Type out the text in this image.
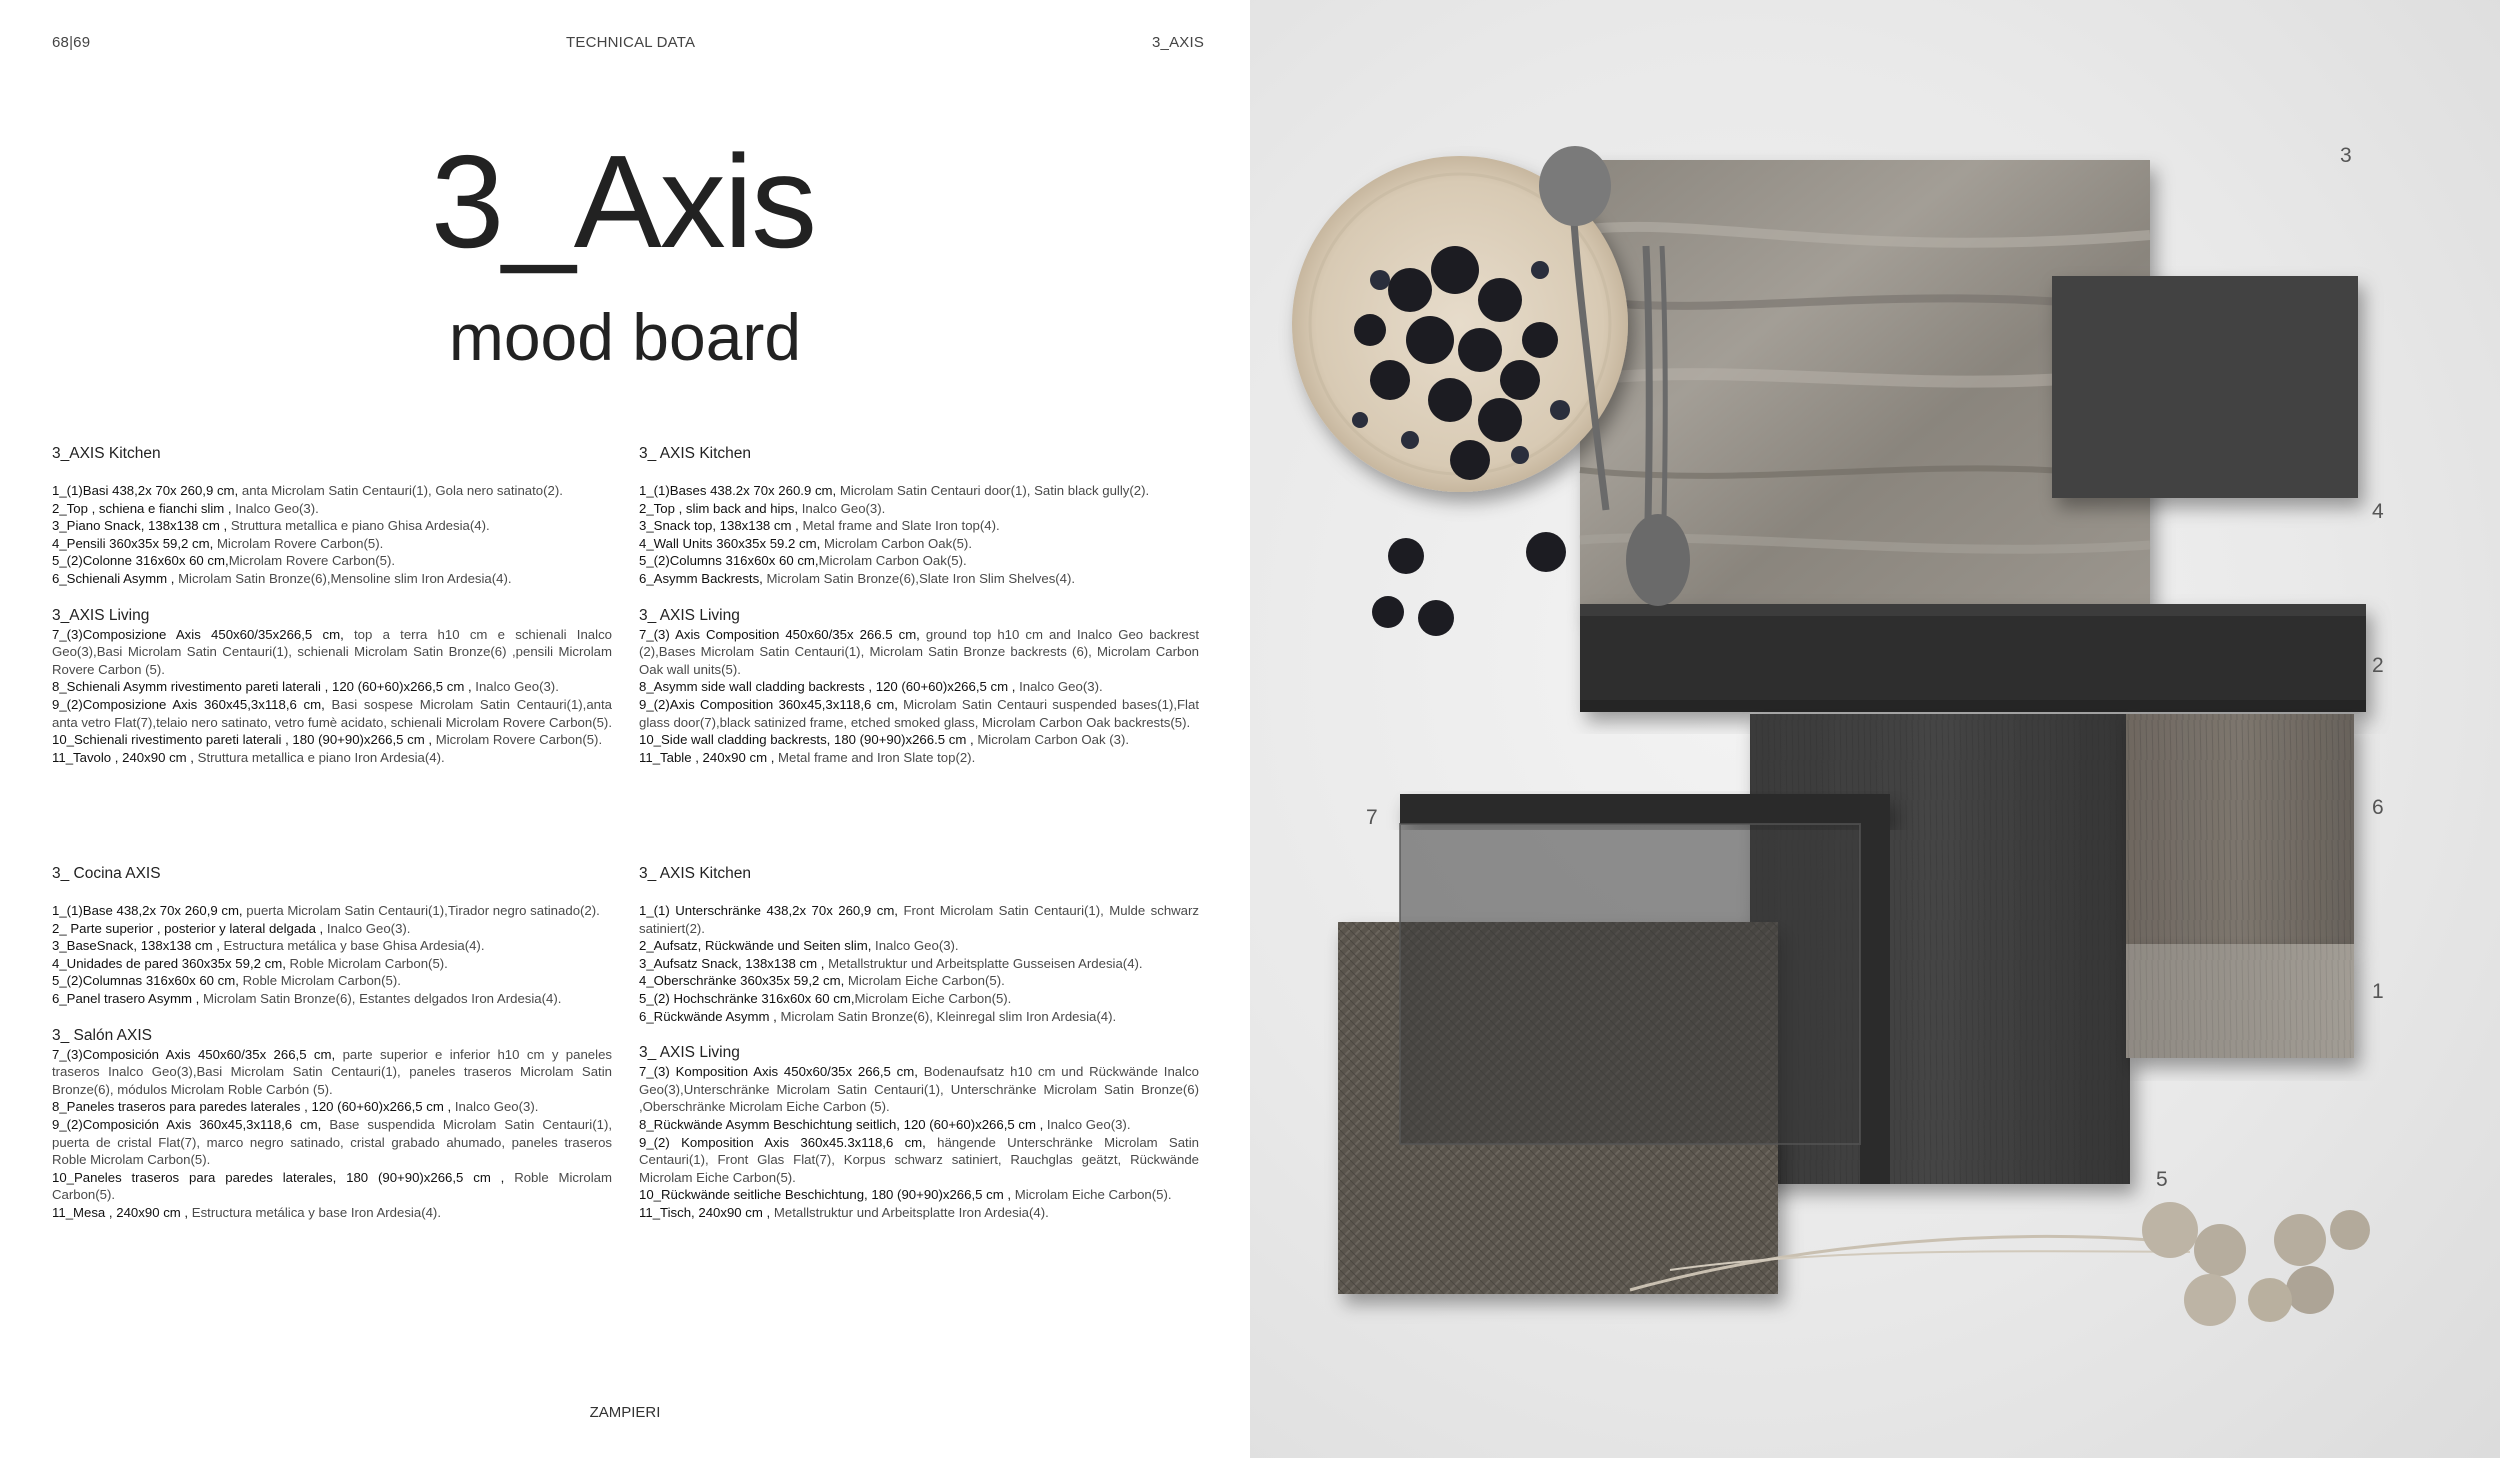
68|69	TECHNICAL DATA	3_AXIS
3_Axis
mood board
3_AXIS Kitchen

1_(1)Basi 438,2x 70x 260,9 cm, anta Microlam Satin Centauri(1), Gola nero satinato(2).

2_Top , schiena e fianchi slim , Inalco Geo(3).

3_Piano Snack, 138x138 cm , Struttura metallica e piano Ghisa Ardesia(4).

4_Pensili 360x35x 59,2 cm, Microlam Rovere Carbon(5).

5_(2)Colonne 316x60x 60 cm,Microlam Rovere Carbon(5).

6_Schienali Asymm , Microlam Satin Bronze(6),Mensoline slim Iron Ardesia(4).

3_AXIS Living

7_(3)Composizione Axis 450x60/35x266,5 cm, top a terra h10 cm e schienali Inalco Geo(3),Basi Microlam Satin Centauri(1), schienali Microlam Satin Bronze(6) ,pensili Microlam Rovere Carbon (5).

8_Schienali Asymm rivestimento pareti laterali , 120 (60+60)x266,5 cm , Inalco Geo(3).

9_(2)Composizione Axis 360x45,3x118,6 cm, Basi sospese Microlam Satin Centauri(1),anta anta vetro Flat(7),telaio nero satinato, vetro fumè acidato, schienali Microlam Rovere Carbon(5).

10_Schienali rivestimento pareti laterali , 180 (90+90)x266,5 cm , Microlam Rovere Carbon(5).

11_Tavolo , 240x90 cm , Struttura metallica e piano Iron Ardesia(4).

3_ AXIS Kitchen

1_(1)Bases 438.2x 70x 260.9 cm, Microlam Satin Centauri door(1), Satin black gully(2).

2_Top , slim back and hips, Inalco Geo(3).

3_Snack top, 138x138 cm , Metal frame and Slate Iron top(4).

4_Wall Units 360x35x 59.2 cm, Microlam Carbon Oak(5).

5_(2)Columns 316x60x 60 cm,Microlam Carbon Oak(5).

6_Asymm Backrests, Microlam Satin Bronze(6),Slate Iron Slim Shelves(4).

3_ AXIS Living

7_(3) Axis Composition 450x60/35x 266.5 cm, ground top h10 cm and Inalco Geo backrest (2),Bases Microlam Satin Centauri(1), Microlam Satin Bronze backrests (6), Microlam Carbon Oak wall units(5).

8_Asymm side wall cladding backrests , 120 (60+60)x266,5 cm , Inalco Geo(3).

9_(2)Axis Composition 360x45,3x118,6 cm, Microlam Satin Centauri suspended bases(1),Flat glass door(7),black satinized frame, etched smoked glass, Microlam Carbon Oak backrests(5).

10_Side wall cladding backrests, 180 (90+90)x266.5 cm , Microlam Carbon Oak (3).

11_Table , 240x90 cm , Metal frame and Iron Slate top(2).

3_ Cocina AXIS

1_(1)Base 438,2x 70x 260,9 cm, puerta Microlam Satin Centauri(1),Tirador negro satinado(2).

2_ Parte superior , posterior y lateral delgada , Inalco Geo(3).

3_BaseSnack, 138x138 cm , Estructura metálica y base Ghisa Ardesia(4).

4_Unidades de pared 360x35x 59,2 cm, Roble Microlam Carbon(5).

5_(2)Columnas 316x60x 60 cm, Roble Microlam Carbon(5).

6_Panel trasero Asymm , Microlam Satin Bronze(6), Estantes delgados Iron Ardesia(4).

3_ Salón AXIS

7_(3)Composición Axis 450x60/35x 266,5 cm, parte superior e inferior h10 cm y paneles traseros Inalco Geo(3),Basi Microlam Satin Centauri(1), paneles traseros Microlam Satin Bronze(6), módulos Microlam Roble Carbón (5).

8_Paneles traseros para paredes laterales , 120 (60+60)x266,5 cm , Inalco Geo(3).

9_(2)Composición Axis 360x45,3x118,6 cm, Base suspendida Microlam Satin Centauri(1), puerta de cristal Flat(7), marco negro satinado, cristal grabado ahumado, paneles traseros Roble Microlam Carbon(5).

10_Paneles traseros para paredes laterales, 180 (90+90)x266,5 cm , Roble Microlam Carbon(5).

11_Mesa , 240x90 cm , Estructura metálica y base Iron Ardesia(4).

3_ AXIS Kitchen

1_(1) Unterschränke 438,2x 70x 260,9 cm, Front Microlam Satin Centauri(1), Mulde schwarz satiniert(2).

2_Aufsatz, Rückwände und Seiten slim, Inalco Geo(3).

3_Aufsatz Snack, 138x138 cm , Metallstruktur und Arbeitsplatte Gusseisen Ardesia(4).

4_Oberschränke 360x35x 59,2 cm, Microlam Eiche Carbon(5).

5_(2) Hochschränke 316x60x 60 cm,Microlam Eiche Carbon(5).

6_Rückwände Asymm , Microlam Satin Bronze(6), Kleinregal slim Iron Ardesia(4).

3_ AXIS Living

7_(3) Komposition Axis 450x60/35x 266,5 cm, Bodenaufsatz h10 cm und Rückwände Inalco Geo(3),Unterschränke Microlam Satin Centauri(1), Unterschränke Microlam Satin Bronze(6) ,Oberschränke Microlam Eiche Carbon (5).

8_Rückwände Asymm Beschichtung seitlich, 120 (60+60)x266,5 cm , Inalco Geo(3).

9_(2) Komposition Axis 360x45.3x118,6 cm, hängende Unterschränke Microlam Satin Centauri(1), Front Glas Flat(7), Korpus schwarz satiniert, Rauchglas geätzt, Rückwände Microlam Eiche Carbon(5).

10_Rückwände seitliche Beschichtung, 180 (90+90)x266,5 cm , Microlam Eiche Carbon(5).

11_Tisch, 240x90 cm , Metallstruktur und Arbeitsplatte Iron Ardesia(4).

ZAMPIERI
3
4
2
6
1
7
5
